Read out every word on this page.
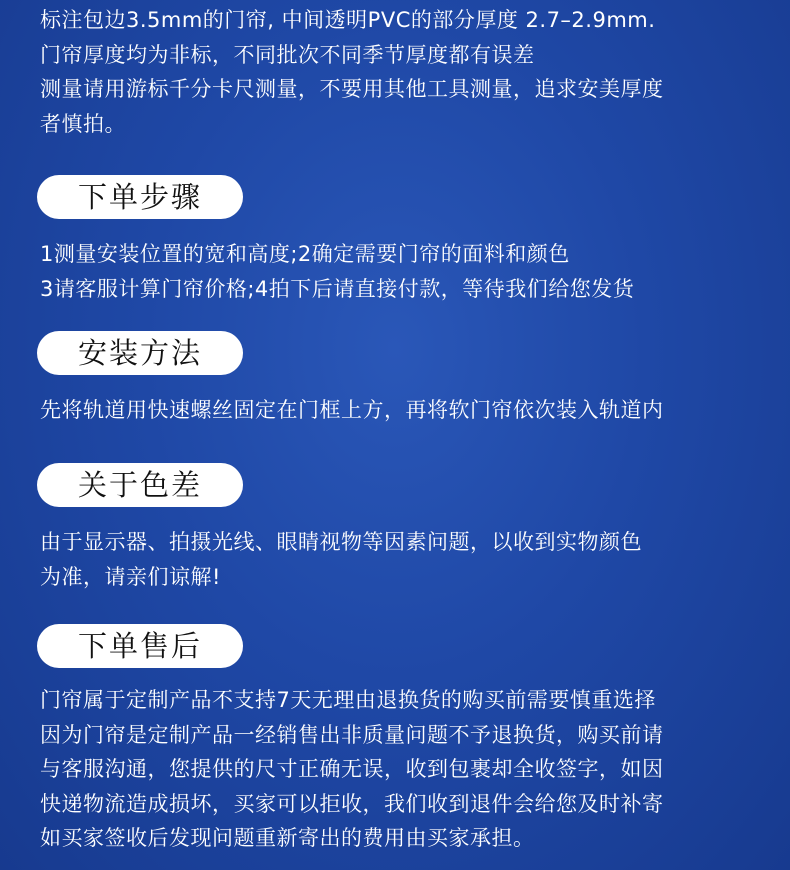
标注包边3.5mm的门帘, 中间透明PVC的部分厚度 2.7–2.9mm.
门帘厚度均为非标，不同批次不同季节厚度都有误差
测量请用游标千分卡尺测量，不要用其他工具测量，追求安美厚度
者慎拍。
下单步骤
1测量安装位置的宽和高度;2确定需要门帘的面料和颜色
3请客服计算门帘价格;4拍下后请直接付款，等待我们给您发货
安装方法
先将轨道用快速螺丝固定在门框上方，再将软门帘依次装入轨道内
关于色差
由于显示器、拍摄光线、眼睛视物等因素问题，以收到实物颜色
为准，请亲们谅解!
下单售后
门帘属于定制产品不支持7天无理由退换货的购买前需要慎重选择
因为门帘是定制产品一经销售出非质量问题不予退换货，购买前请
与客服沟通，您提供的尺寸正确无误，收到包裹却全收签字，如因
快递物流造成损坏，买家可以拒收，我们收到退件会给您及时补寄
如买家签收后发现问题重新寄出的费用由买家承担。
